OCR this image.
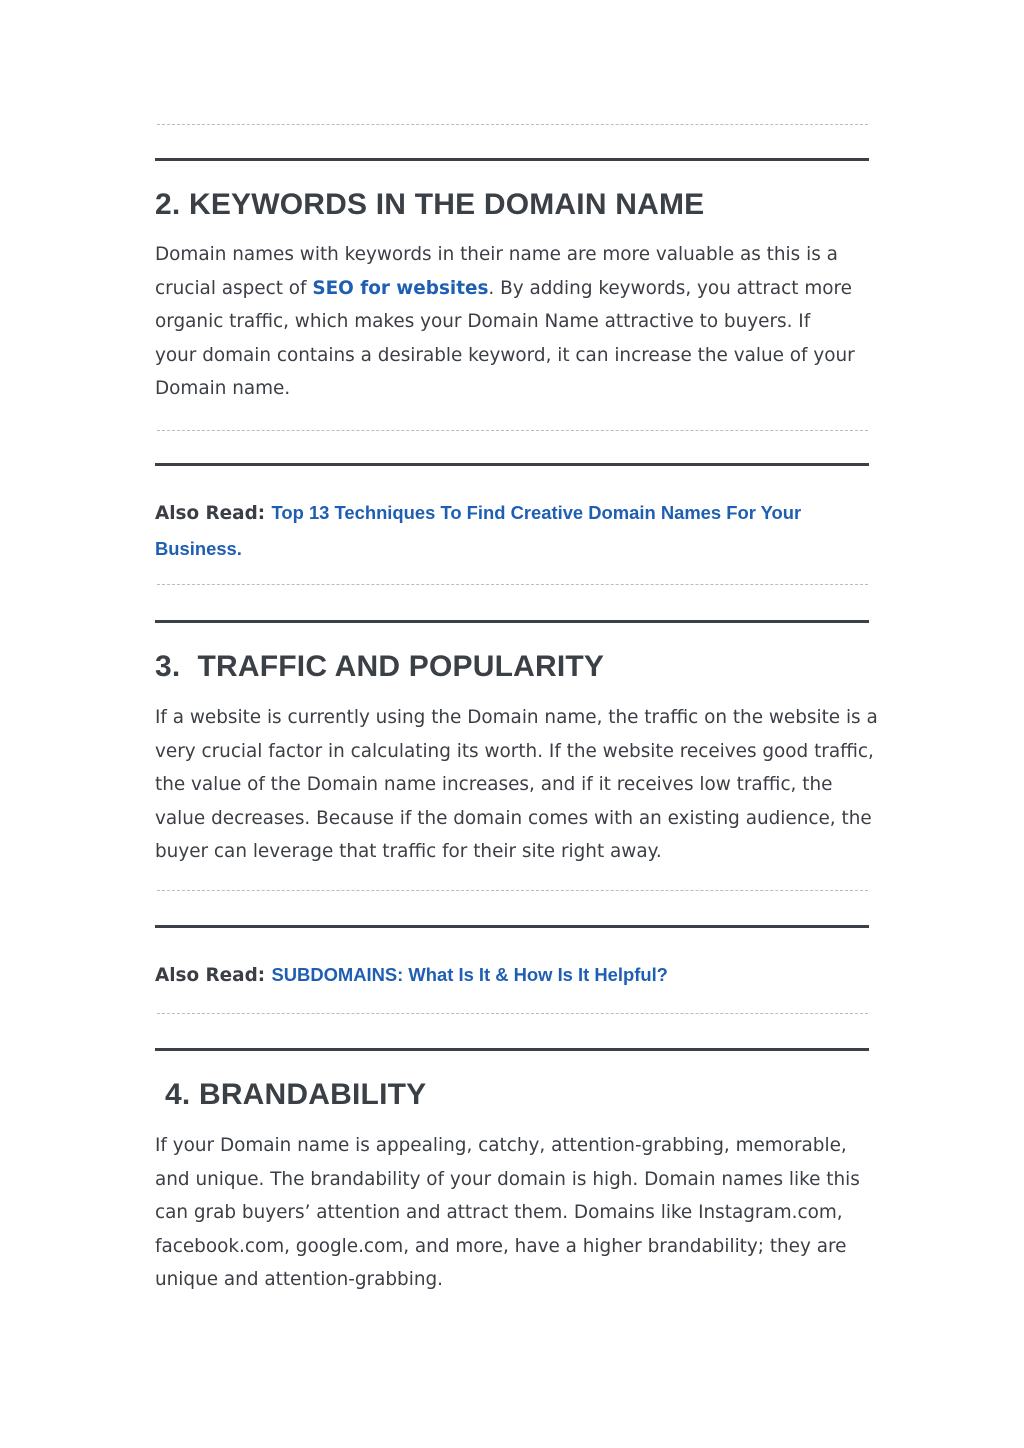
2. KEYWORDS IN THE DOMAIN NAME

Domain names with keywords in their name are more valuable as this is a crucial aspect of SEO for websites. By adding keywords, you attract more organic traffic, which makes your Domain Name attractive to buyers. If your domain contains a desirable keyword, it can increase the value of your Domain name.

Also Read: Top 13 Techniques To Find Creative Domain Names For Your Business.

3.  TRAFFIC AND POPULARITY

If a website is currently using the Domain name, the traffic on the website is a very crucial factor in calculating its worth. If the website receives good traffic, the value of the Domain name increases, and if it receives low traffic, the value decreases. Because if the domain comes with an existing audience, the buyer can leverage that traffic for their site right away.

Also Read: SUBDOMAINS: What Is It & How Is It Helpful?

4. BRANDABILITY

If your Domain name is appealing, catchy, attention-grabbing, memorable, and unique. The brandability of your domain is high. Domain names like this can grab buyers’ attention and attract them. Domains like Instagram.com, facebook.com, google.com, and more, have a higher brandability; they are unique and attention-grabbing.
